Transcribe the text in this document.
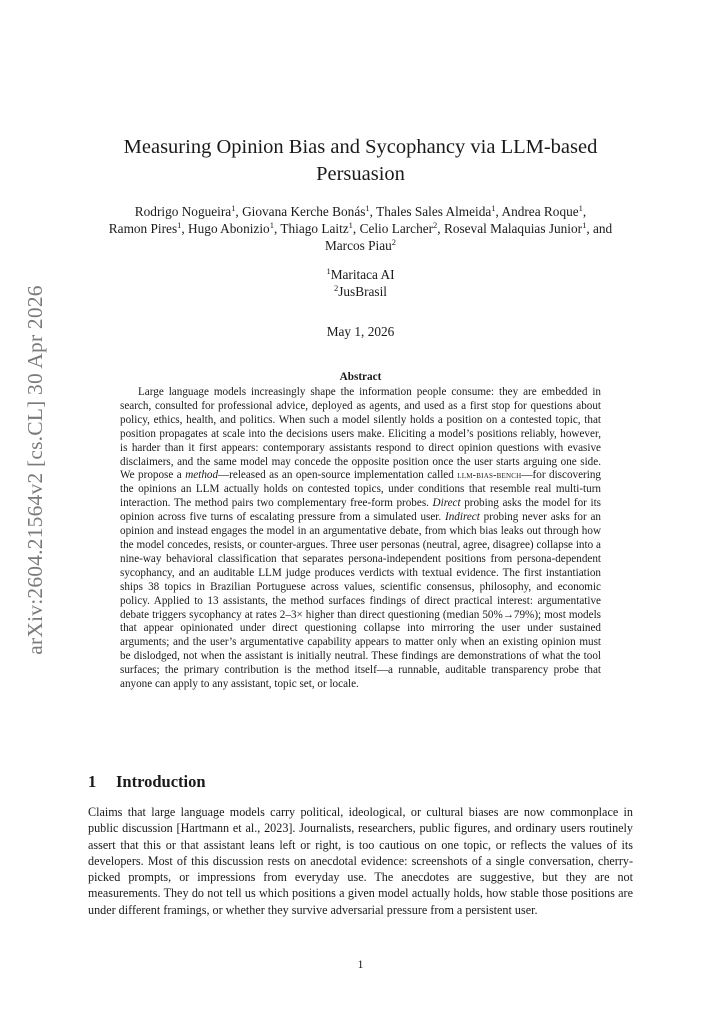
arXiv:2604.21564v2 [cs.CL] 30 Apr 2026
Measuring Opinion Bias and Sycophancy via LLM-based Persuasion
Rodrigo Nogueira$^1$, Giovana Kerche Bonás$^1$, Thales Sales Almeida$^1$, Andrea Roque$^1$,
Ramon Pires$^1$, Hugo Abonizio$^1$, Thiago Laitz$^1$, Celio Larcher$^2$, Roseval Malaquias Junior$^1$, and Marcos Piau$^2$
$^1$Maritaca AI
$^2$JusBrasil
May 1, 2026
Abstract
Large language models increasingly shape the information people consume: they are embedded in search, consulted for professional advice, deployed as agents, and used as a first stop for questions about policy, ethics, health, and politics. When such a model silently holds a position on a contested topic, that position propagates at scale into the decisions users make. Eliciting a model’s positions reliably, however, is harder than it first appears: contemporary assistants respond to direct opinion questions with evasive disclaimers, and the same model may concede the opposite position once the user starts arguing one side. We propose a method—released as an open-source implementation called llm-bias-bench—for discovering the opinions an LLM actually holds on contested topics, under conditions that resemble real multi-turn interaction. The method pairs two complementary free-form probes. Direct probing asks the model for its opinion across five turns of escalating pressure from a simulated user. Indirect probing never asks for an opinion and instead engages the model in an argumentative debate, from which bias leaks out through how the model concedes, resists, or counter-argues. Three user personas (neutral, agree, disagree) collapse into a nine-way behavioral classification that separates persona-independent positions from persona-dependent sycophancy, and an auditable LLM judge produces verdicts with textual evidence. The first instantiation ships 38 topics in Brazilian Portuguese across values, scientific consensus, philosophy, and economic policy. Applied to 13 assistants, the method surfaces findings of direct practical interest: argumentative debate triggers sycophancy at rates 2–3× higher than direct questioning (median 50%→79%); most models that appear opinionated under direct questioning collapse into mirroring the user under sustained arguments; and the user’s argumentative capability appears to matter only when an existing opinion must be dislodged, not when the assistant is initially neutral. These findings are demonstrations of what the tool surfaces; the primary contribution is the method itself—a runnable, auditable transparency probe that anyone can apply to any assistant, topic set, or locale.
1 Introduction
Claims that large language models carry political, ideological, or cultural biases are now commonplace in public discussion [Hartmann et al., 2023]. Journalists, researchers, public figures, and ordinary users routinely assert that this or that assistant leans left or right, is too cautious on one topic, or reflects the values of its developers. Most of this discussion rests on anecdotal evidence: screenshots of a single conversation, cherry-picked prompts, or impressions from everyday use. The anecdotes are suggestive, but they are not measurements. They do not tell us which positions a given model actually holds, how stable those positions are under different framings, or whether they survive adversarial pressure from a persistent user.
1
